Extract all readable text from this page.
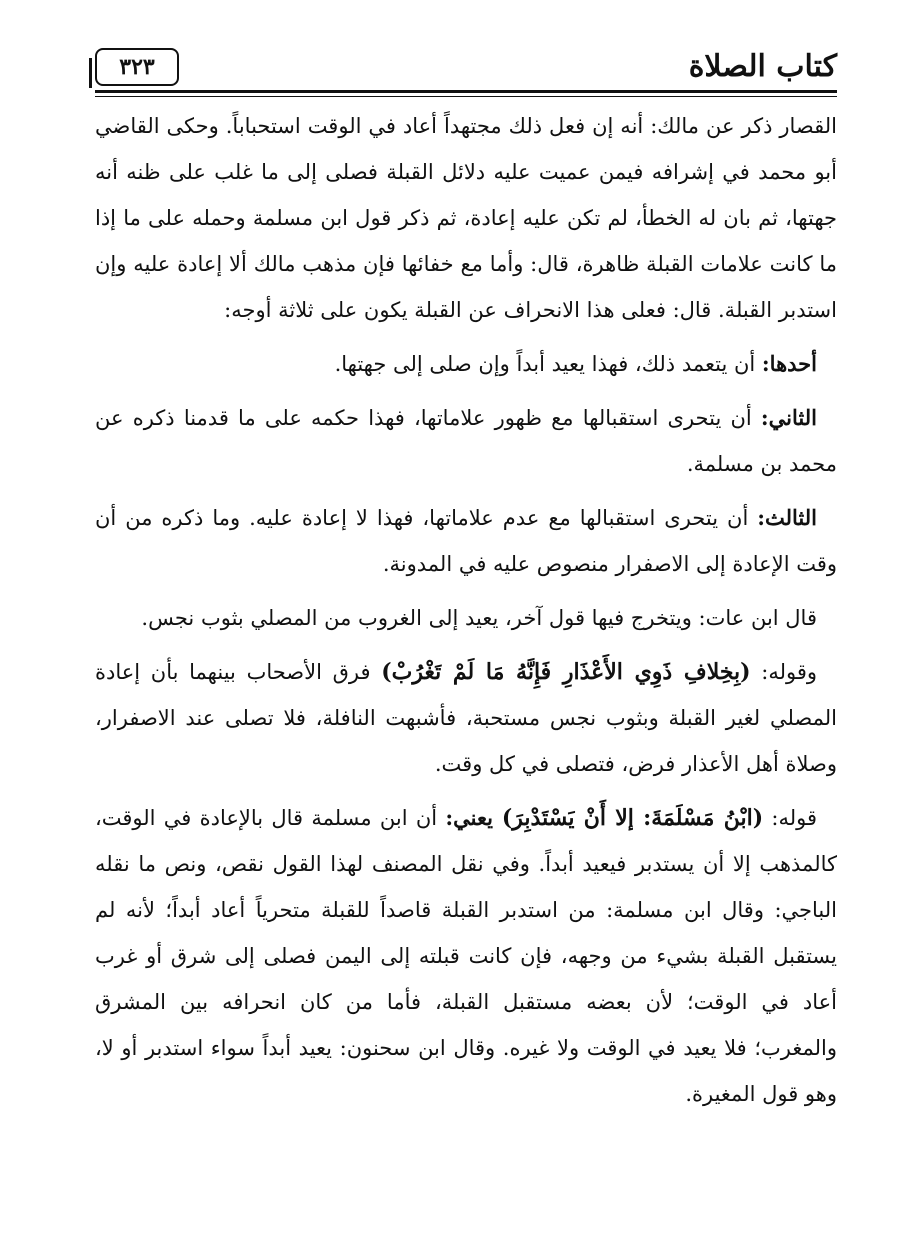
كتاب الصلاة
٣٢٣

القصار ذكر عن مالك: أنه إن فعل ذلك مجتهداً أعاد في الوقت استحباباً. وحكى القاضي أبو محمد في إشرافه فيمن عميت عليه دلائل القبلة فصلى إلى ما غلب على ظنه أنه جهتها، ثم بان له الخطأ، لم تكن عليه إعادة، ثم ذكر قول ابن مسلمة وحمله على ما إذا ما كانت علامات القبلة ظاهرة، قال: وأما مع خفائها فإن مذهب مالك ألا إعادة عليه وإن استدبر القبلة. قال: فعلى هذا الانحراف عن القبلة يكون على ثلاثة أوجه:

أحدها: أن يتعمد ذلك، فهذا يعيد أبداً وإن صلى إلى جهتها.

الثاني: أن يتحرى استقبالها مع ظهور علاماتها، فهذا حكمه على ما قدمنا ذكره عن محمد بن مسلمة.

الثالث: أن يتحرى استقبالها مع عدم علاماتها، فهذا لا إعادة عليه. وما ذكره من أن وقت الإعادة إلى الاصفرار منصوص عليه في المدونة.

قال ابن عات: ويتخرج فيها قول آخر، يعيد إلى الغروب من المصلي بثوب نجس.

وقوله: (بِخِلافِ ذَوِي الأَعْذَارِ فَإِنَّهُ مَا لَمْ تَغْرُبْ) فرق الأصحاب بينهما بأن إعادة المصلي لغير القبلة وبثوب نجس مستحبة، فأشبهت النافلة، فلا تصلى عند الاصفرار، وصلاة أهل الأعذار فرض، فتصلى في كل وقت.

قوله: (ابْنُ مَسْلَمَةَ: إلا أَنْ يَسْتَدْبِرَ) يعني: أن ابن مسلمة قال بالإعادة في الوقت، كالمذهب إلا أن يستدبر فيعيد أبداً. وفي نقل المصنف لهذا القول نقص، ونص ما نقله الباجي: وقال ابن مسلمة: من استدبر القبلة قاصداً للقبلة متحرياً أعاد أبداً؛ لأنه لم يستقبل القبلة بشيء من وجهه، فإن كانت قبلته إلى اليمن فصلى إلى شرق أو غرب أعاد في الوقت؛ لأن بعضه مستقبل القبلة، فأما من كان انحرافه بين المشرق والمغرب؛ فلا يعيد في الوقت ولا غيره. وقال ابن سحنون: يعيد أبداً سواء استدبر أو لا، وهو قول المغيرة.
